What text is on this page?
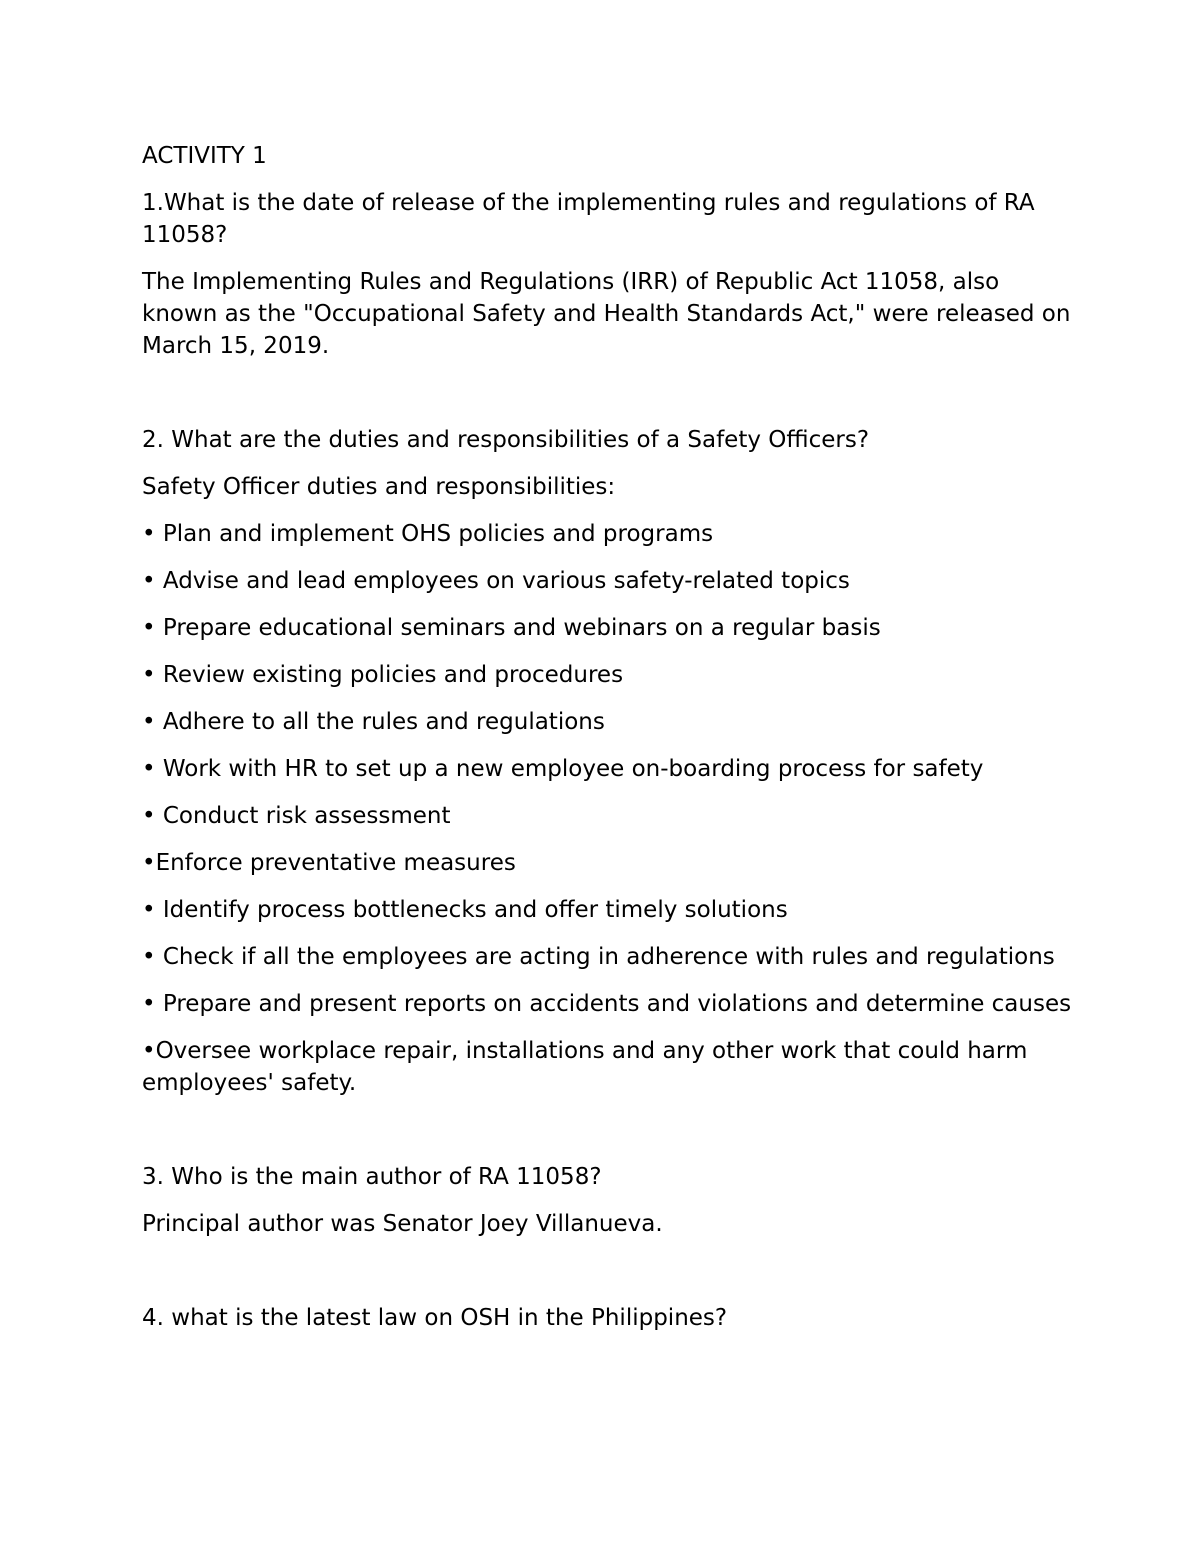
ACTIVITY 1

1.What is the date of release of the implementing rules and regulations of RA 11058?

The Implementing Rules and Regulations (IRR) of Republic Act 11058, also known as the "Occupational Safety and Health Standards Act," were released on March 15, 2019.

2. What are the duties and responsibilities of a Safety Officers?

Safety Officer duties and responsibilities:

• Plan and implement OHS policies and programs

• Advise and lead employees on various safety-related topics

• Prepare educational seminars and webinars on a regular basis

• Review existing policies and procedures

• Adhere to all the rules and regulations

• Work with HR to set up a new employee on-boarding process for safety

• Conduct risk assessment

•Enforce preventative measures

• Identify process bottlenecks and offer timely solutions

• Check if all the employees are acting in adherence with rules and regulations

• Prepare and present reports on accidents and violations and determine causes

•Oversee workplace repair, installations and any other work that could harm employees' safety.

3. Who is the main author of RA 11058?

Principal author was Senator Joey Villanueva.

4. what is the latest law on OSH in the Philippines?
